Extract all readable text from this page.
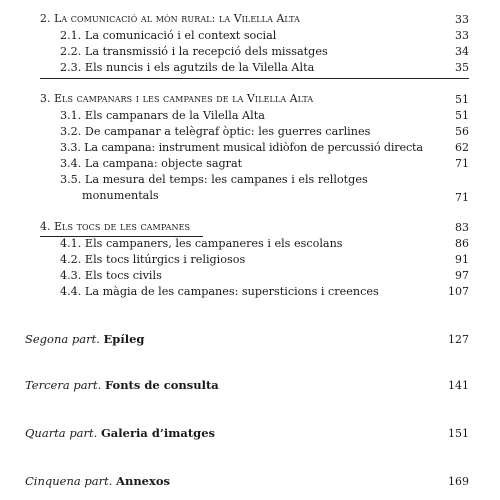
2. La comunicació al món rural: la Vilella Alta	33
2.1. La comunicació i el context social	33
2.2. La transmissió i la recepció dels missatges	34
2.3. Els nuncis i els agutzils de la Vilella Alta	35
3. Els campanars i les campanes de la Vilella Alta	51
3.1. Els campanars de la Vilella Alta	51
3.2. De campanar a telègraf òptic: les guerres carlines	56
3.3. La campana: instrument musical idiòfon de percussió directa	62
3.4. La campana: objecte sagrat	71
3.5. La mesura del temps: les campanes i els rellotges
monumentals	71
4. Els tocs de les campanes	83
4.1. Els campaners, les campaneres i els escolans	86
4.2. Els tocs litúrgics i religiosos	91
4.3. Els tocs civils	97
4.4. La màgia de les campanes: supersticions i creences	107
Segona part. Epíleg	127
Tercera part. Fonts de consulta	141
Quarta part. Galeria d’imatges	151
Cinquena part. Annexos	169
